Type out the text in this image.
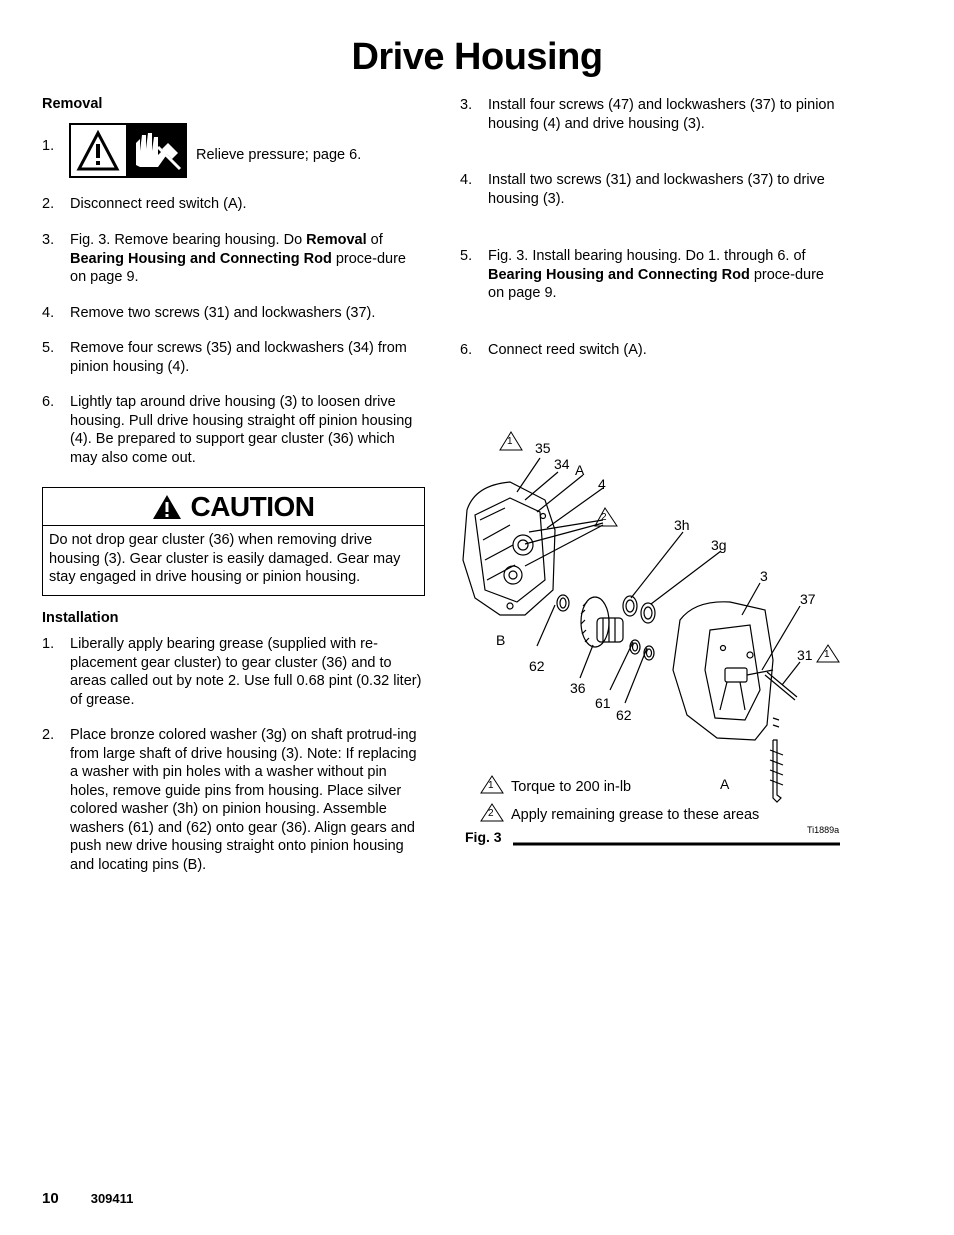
Drive Housing
Removal
1.
Relieve pressure; page 6.
2. Disconnect reed switch (A).
3. Fig. 3. Remove bearing housing. Do Removal of Bearing Housing and Connecting Rod proce-dure on page 9.
4. Remove two screws (31) and lockwashers (37).
5. Remove four screws (35) and lockwashers (34) from pinion housing (4).
6. Lightly tap around drive housing (3) to loosen drive housing. Pull drive housing straight off pinion housing (4). Be prepared to support gear cluster (36) which may also come out.
CAUTION
Do not drop gear cluster (36) when removing drive housing (3). Gear cluster is easily damaged. Gear may stay engaged in drive housing or pinion housing.
Installation
1. Liberally apply bearing grease (supplied with re-placement gear cluster) to gear cluster (36) and to areas called out by note 2. Use full 0.68 pint (0.32 liter) of grease.
2. Place bronze colored washer (3g) on shaft protrud-ing from large shaft of drive housing (3). Note: If replacing a washer with pin holes with a washer without pin holes, remove guide pins from housing. Place silver colored washer (3h) on pinion housing. Assemble washers (61) and (62) onto gear (36). Align gears and push new drive housing straight onto pinion housing and locating pins (B).
3. Install four screws (47) and lockwashers (37) to pinion housing (4) and drive housing (3).
4. Install two screws (31) and lockwashers (37) to drive housing (3).
5. Fig. 3. Install bearing housing. Do 1. through 6. of Bearing Housing and Connecting Rod proce-dure on page 9.
6. Connect reed switch (A).
1
2
1
1
2
35
34 A
4
3h
3g
3
37
31
B
62
36
61
62
A
Torque to 200 in-lb
Apply remaining grease to these areas
Fig. 3	Ti1889a
10 309411
